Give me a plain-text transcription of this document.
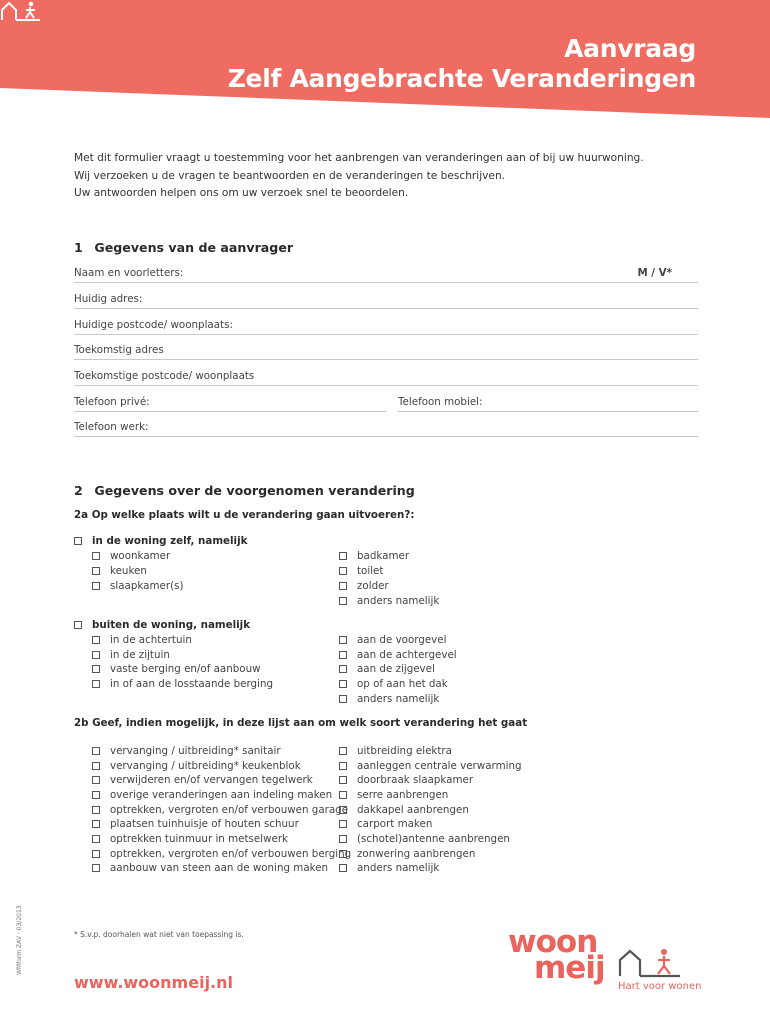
Aanvraag
Zelf Aangebrachte Veranderingen
Met dit formulier vraagt u toestemming voor het aanbrengen van veranderingen aan of bij uw huurwoning.
Wij verzoeken u de vragen te beantwoorden en de veranderingen te beschrijven.
Uw antwoorden helpen ons om uw verzoek snel te beoordelen.
1 Gegevens van de aanvrager
Naam en voorletters:	M / V*
Huidig adres:
Huidige postcode/ woonplaats:
Toekomstig adres
Toekomstige postcode/ woonplaats
Telefoon privé:	Telefoon mobiel:
Telefoon werk:
2 Gegevens over de voorgenomen verandering
2a Op welke plaats wilt u de verandering gaan uitvoeren?:
in de woning zelf, namelijk
woonkamer
keuken
slaapkamer(s)
badkamer
toilet
zolder
anders namelijk
buiten de woning, namelijk
in de achtertuin
in de zijtuin
vaste berging en/of aanbouw
in of aan de losstaande berging
aan de voorgevel
aan de achtergevel
aan de zijgevel
op of aan het dak
anders namelijk
2b Geef, indien mogelijk, in deze lijst aan om welk soort verandering het gaat
vervanging / uitbreiding* sanitair
vervanging / uitbreiding* keukenblok
verwijderen en/of vervangen tegelwerk
overige veranderingen aan indeling maken
optrekken, vergroten en/of verbouwen garage
plaatsen tuinhuisje of houten schuur
optrekken tuinmuur in metselwerk
optrekken, vergroten en/of verbouwen berging
aanbouw van steen aan de woning maken
uitbreiding elektra
aanleggen centrale verwarming
doorbraak slaapkamer
serre aanbrengen
dakkapel aanbrengen
carport maken
(schotel)antenne aanbrengen
zonwering aanbrengen
anders namelijk
WMform ZAV · 03/2013	* S.v.p. doorhalen wat niet van toepassing is.
www.woonmeij.nl
woon
meij
Hart voor wonen
